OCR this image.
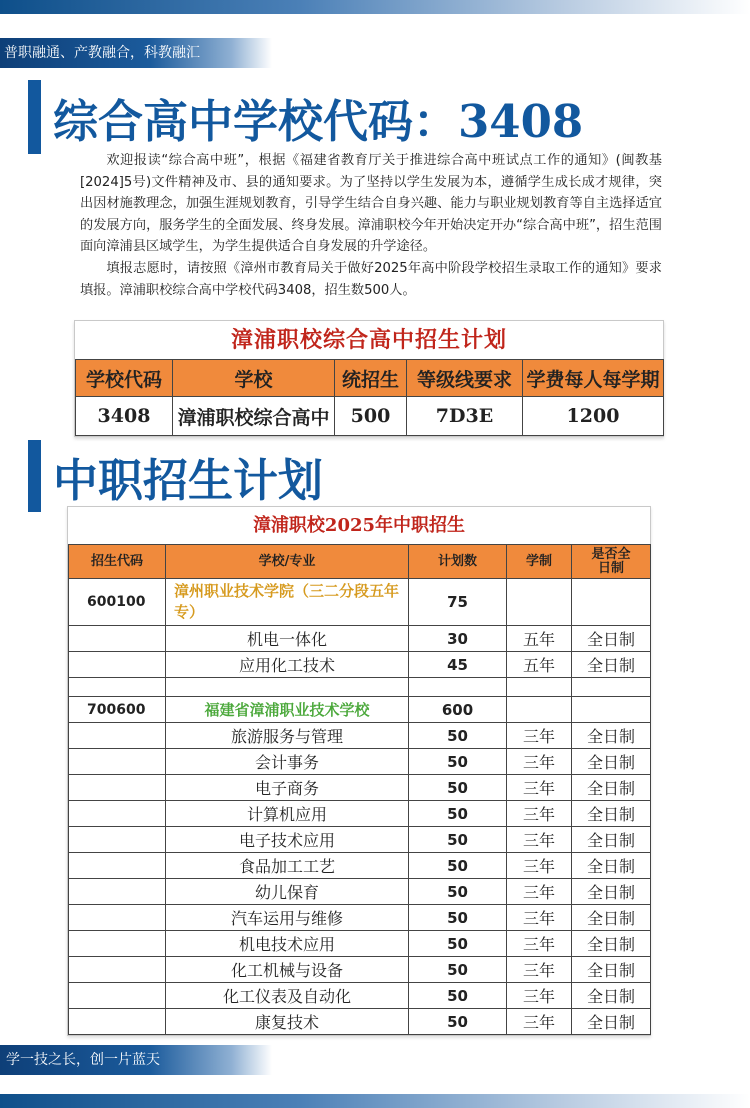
普职融通、产教融合，科教融汇
综合高中学校代码：3408

欢迎报读“综合高中班”，根据《福建省教育厅关于推进综合高中班试点工作的通知》(闽教基[2024]5号)文件精神及市、县的通知要求。为了坚持以学生发展为本，遵循学生成长成才规律，突出因材施教理念，加强生涯规划教育，引导学生结合自身兴趣、能力与职业规划教育等自主选择适宜的发展方向，服务学生的全面发展、终身发展。漳浦职校今年开始决定开办“综合高中班”，招生范围面向漳浦县区域学生，为学生提供适合自身发展的升学途径。

填报志愿时，请按照《漳州市教育局关于做好2025年高中阶段学校招生录取工作的通知》要求填报。漳浦职校综合高中学校代码3408，招生数500人。

漳浦职校综合高中招生计划
学校代码	学校	统招生	等级线要求	学费每人每学期
3408	漳浦职校综合高中	500	7D3E	1200
中职招生计划
漳浦职校2025年中职招生
招生代码	学校/专业	计划数	学制	是否全日制

600100	漳州职业技术学院（三二分段五年专）	75		
	机电一体化	30	五年	全日制
	应用化工技术	45	五年	全日制

700600	福建省漳浦职业技术学校	600		
	旅游服务与管理	50	三年	全日制
	会计事务	50	三年	全日制
	电子商务	50	三年	全日制
	计算机应用	50	三年	全日制
	电子技术应用	50	三年	全日制
	食品加工工艺	50	三年	全日制
	幼儿保育	50	三年	全日制
	汽车运用与维修	50	三年	全日制
	机电技术应用	50	三年	全日制
	化工机械与设备	50	三年	全日制
	化工仪表及自动化	50	三年	全日制
	康复技术	50	三年	全日制
学一技之长，创一片蓝天
